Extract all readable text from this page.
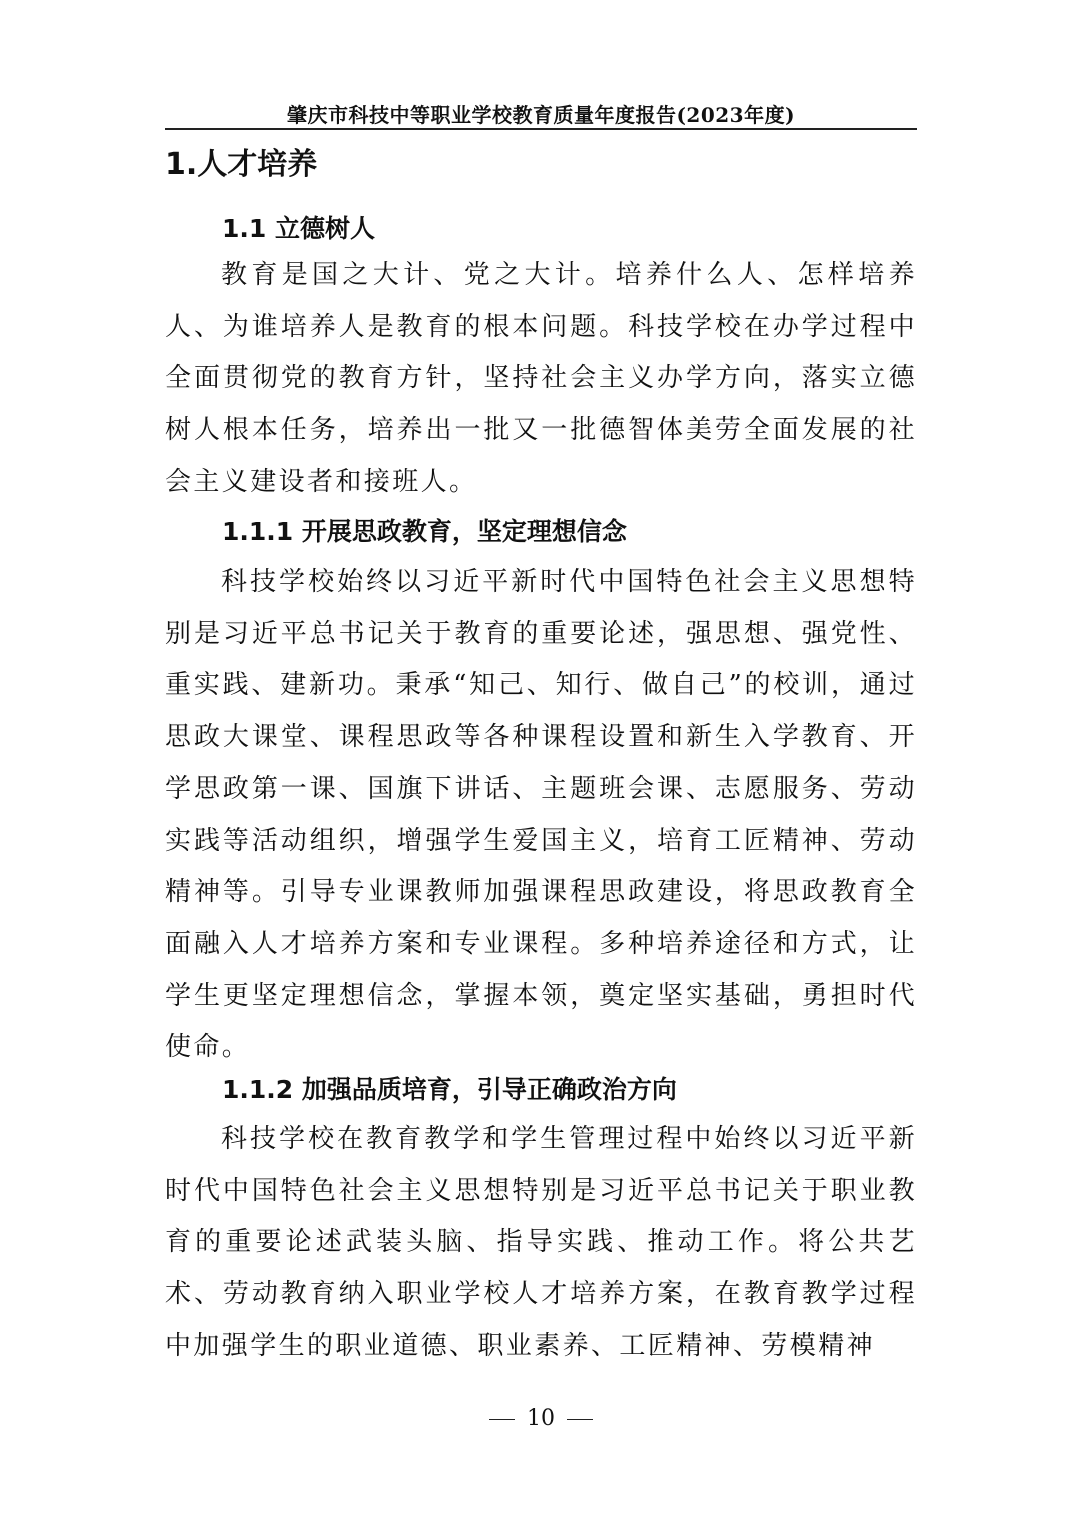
肇庆市科技中等职业学校教育质量年度报告(2023年度)
1.人才培养
1.1 立德树人

教育是国之大计、党之大计。培养什么人、怎样培养人、为谁培养人是教育的根本问题。科技学校在办学过程中全面贯彻党的教育方针，坚持社会主义办学方向，落实立德树人根本任务，培养出一批又一批德智体美劳全面发展的社会主义建设者和接班人。

1.1.1 开展思政教育，坚定理想信念

科技学校始终以习近平新时代中国特色社会主义思想特别是习近平总书记关于教育的重要论述，强思想、强党性、重实践、建新功。秉承“知己、知行、做自己”的校训，通过思政大课堂、课程思政等各种课程设置和新生入学教育、开学思政第一课、国旗下讲话、主题班会课、志愿服务、劳动实践等活动组织，增强学生爱国主义，培育工匠精神、劳动精神等。引导专业课教师加强课程思政建设，将思政教育全面融入人才培养方案和专业课程。多种培养途径和方式，让学生更坚定理想信念，掌握本领，奠定坚实基础，勇担时代使命。

1.1.2 加强品质培育，引导正确政治方向

科技学校在教育教学和学生管理过程中始终以习近平新时代中国特色社会主义思想特别是习近平总书记关于职业教育的重要论述武装头脑、指导实践、推动工作。将公共艺术、劳动教育纳入职业学校人才培养方案，在教育教学过程中加强学生的职业道德、职业素养、工匠精神、劳模精神

10
